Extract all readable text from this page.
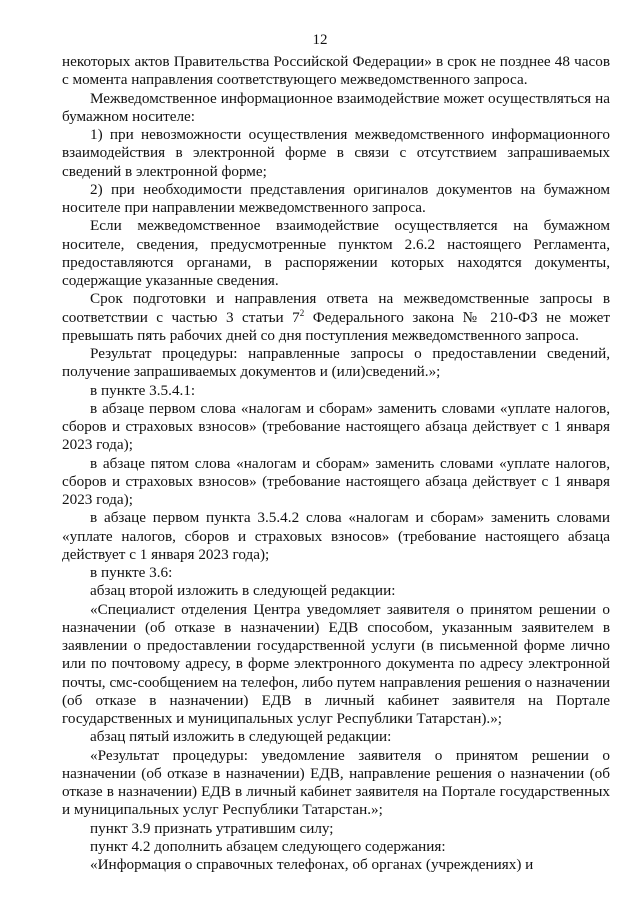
12

некоторых актов Правительства Российской Федерации» в срок не позднее 48 часов с момента направления соответствующего межведомственного запроса.

Межведомственное информационное взаимодействие может осуществляться на бумажном носителе:

1) при невозможности осуществления межведомственного информационного взаимодействия в электронной форме в связи с отсутствием запрашиваемых сведений в электронной форме;

2) при необходимости представления оригиналов документов на бумажном носителе при направлении межведомственного запроса.

Если межведомственное взаимодействие осуществляется на бумажном носителе, сведения, предусмотренные пунктом 2.6.2 настоящего Регламента, предоставляются органами, в распоряжении которых находятся документы, содержащие указанные сведения.

Срок подготовки и направления ответа на межведомственные запросы в соответствии с частью 3 статьи $7^2$ Федерального закона № 210-ФЗ не может превышать пять рабочих дней со дня поступления межведомственного запроса.

Результат процедуры: направленные запросы о предоставлении сведений, получение запрашиваемых документов и (или)сведений.»;

в пункте 3.5.4.1:

в абзаце первом слова «налогам и сборам» заменить словами «уплате налогов, сборов и страховых взносов» (требование настоящего абзаца действует с 1 января 2023 года);

в абзаце пятом слова «налогам и сборам» заменить словами «уплате налогов, сборов и страховых взносов» (требование настоящего абзаца действует с 1 января 2023 года);

в абзаце первом пункта 3.5.4.2 слова «налогам и сборам» заменить словами «уплате налогов, сборов и страховых взносов» (требование настоящего абзаца действует с 1 января 2023 года);

в пункте 3.6:

абзац второй изложить в следующей редакции:

«Специалист отделения Центра уведомляет заявителя о принятом решении о назначении (об отказе в назначении) ЕДВ способом, указанным заявителем в заявлении о предоставлении государственной услуги (в письменной форме лично или по почтовому адресу, в форме электронного документа по адресу электронной почты, смс-сообщением на телефон, либо путем направления решения о назначении (об отказе в назначении) ЕДВ в личный кабинет заявителя на Портале государственных и муниципальных услуг Республики Татарстан).»;

абзац пятый изложить в следующей редакции:

«Результат процедуры: уведомление заявителя о принятом решении о назначении (об отказе в назначении) ЕДВ, направление решения о назначении (об отказе в назначении) ЕДВ в личный кабинет заявителя на Портале государственных и муниципальных услуг Республики Татарстан.»;

пункт 3.9 признать утратившим силу;

пункт 4.2 дополнить абзацем следующего содержания:

«Информация о справочных телефонах, об органах (учреждениях) и
